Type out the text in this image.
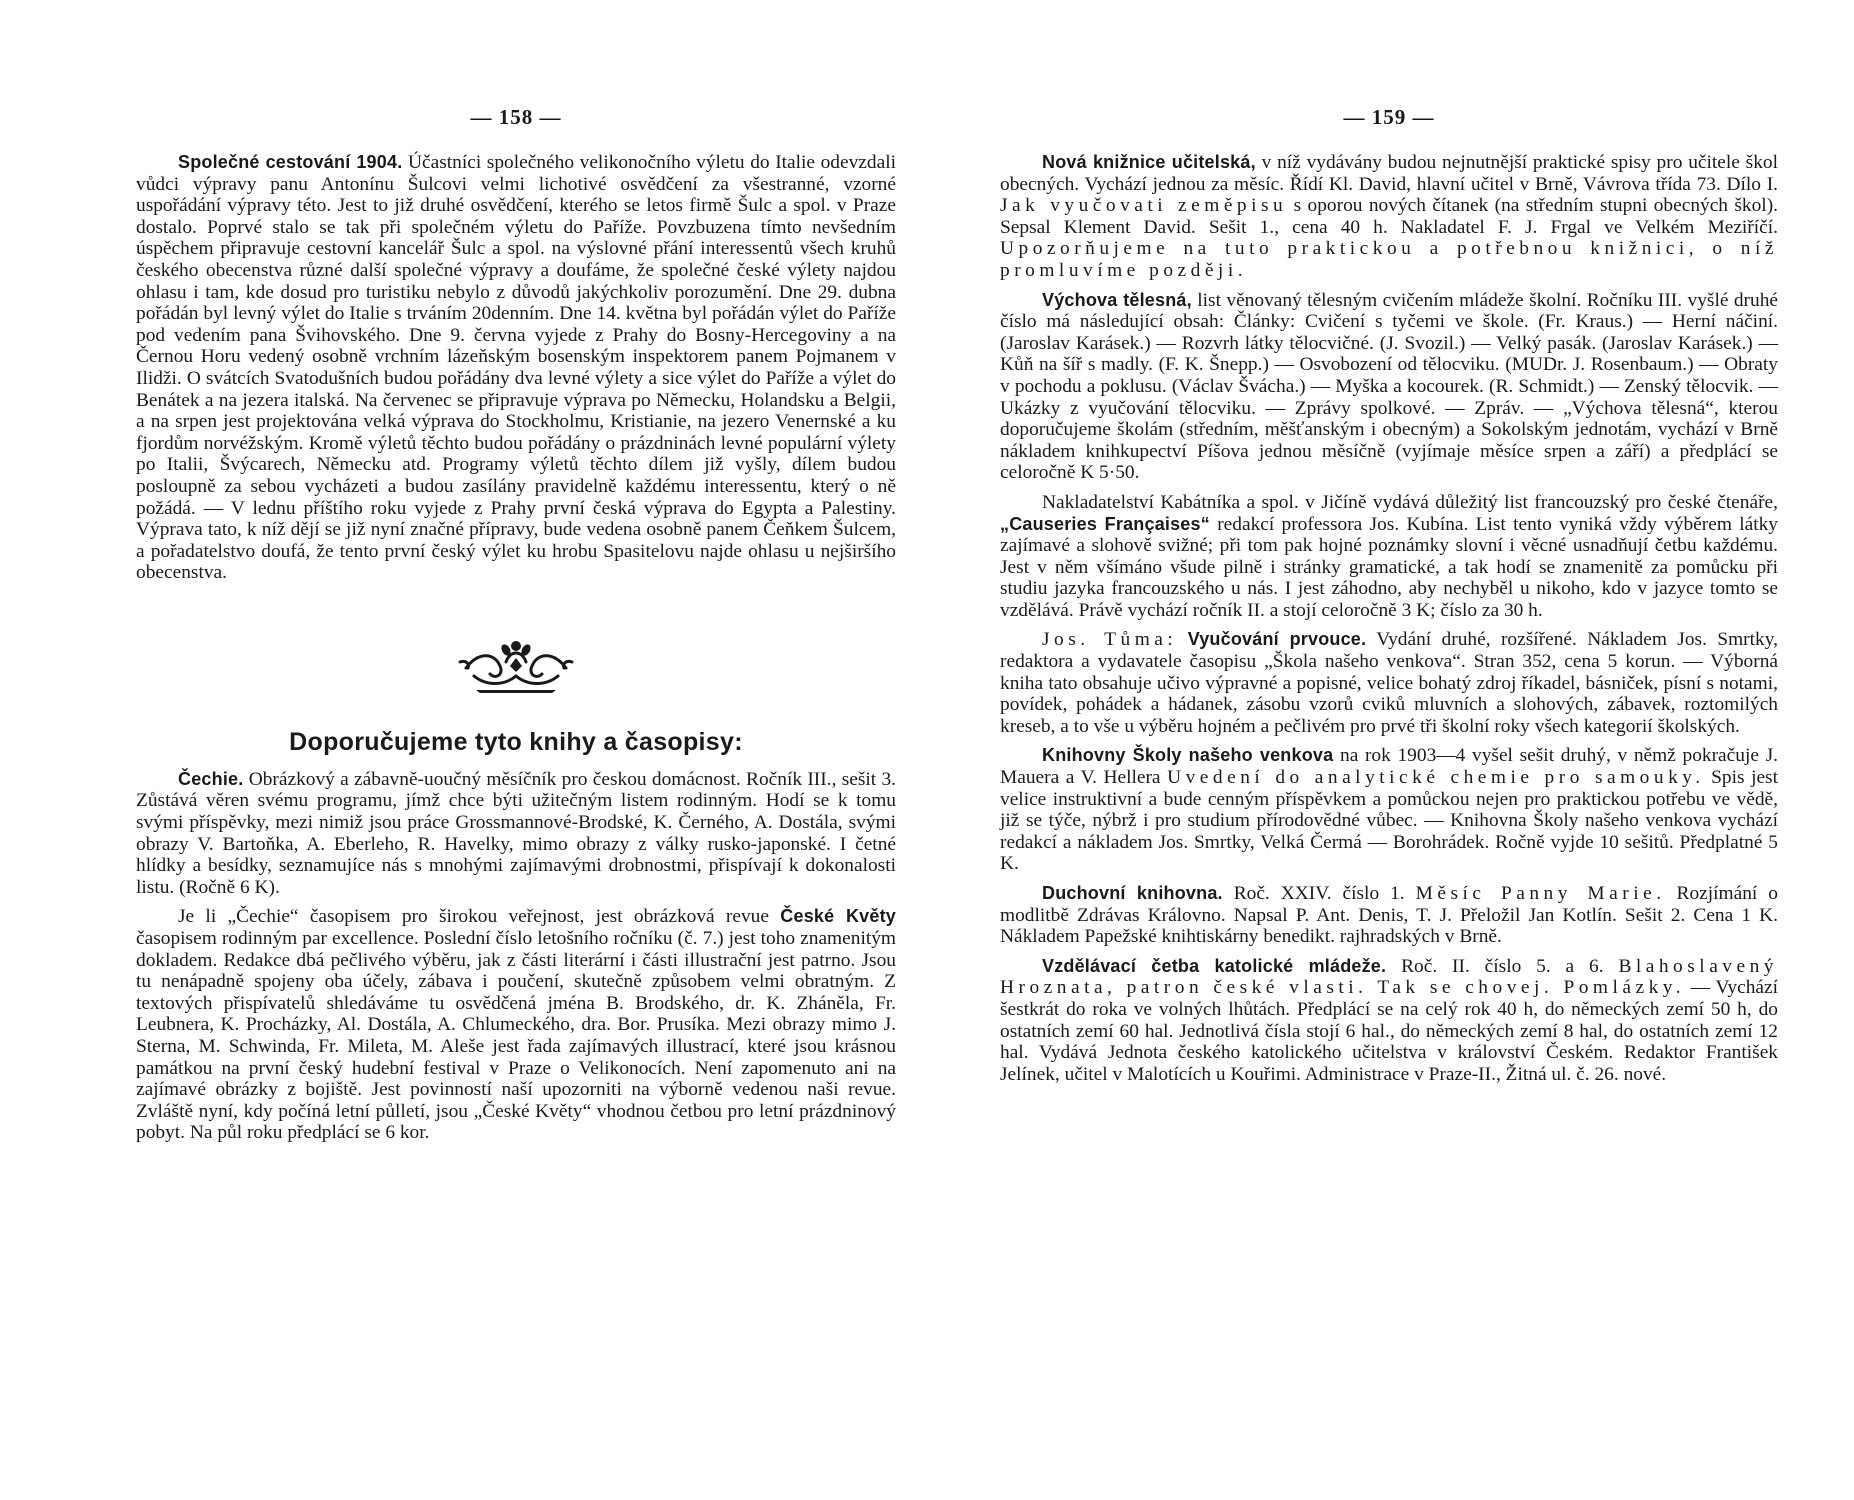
— 158 —

Společné cestování 1904. Účastníci společného velikonočního výletu do Italie odevzdali vůdci výpravy panu Antonínu Šulcovi velmi lichotivé osvědčení za všestranné, vzorné uspořádání výpravy této. Jest to již druhé osvědčení, kterého se letos firmě Šulc a spol. v Praze dostalo. Poprvé stalo se tak při společném výletu do Paříže. Povzbuzena tímto nevšedním úspěchem připravuje cestovní kancelář Šulc a spol. na výslovné přání interessentů všech kruhů českého obecenstva různé další společné výpravy a doufáme, že společné české výlety najdou ohlasu i tam, kde dosud pro turistiku nebylo z důvodů jakýchkoliv porozumění. Dne 29. dubna pořádán byl levný výlet do Italie s trváním 20denním. Dne 14. května byl pořádán výlet do Paříže pod vedením pana Švihovského. Dne 9. června vyjede z Prahy do Bosny-Hercegoviny a na Černou Horu vedený osobně vrchním lázeňským bosenským inspektorem panem Pojmanem v Ilidži. O svátcích Svatodušních budou pořádány dva levné výlety a sice výlet do Paříže a výlet do Benátek a na jezera italská. Na červenec se připravuje výprava po Německu, Holandsku a Belgii, a na srpen jest projektována velká výprava do Stockholmu, Kristianie, na jezero Venernské a ku fjordům norvéžským. Kromě výletů těchto budou pořádány o prázdninách levné populární výlety po Italii, Švýcarech, Německu atd. Programy výletů těchto dílem již vyšly, dílem budou posloupně za sebou vycházeti a budou zasílány pravidelně každému interessentu, který o ně požádá. — V lednu příštího roku vyjede z Prahy první česká výprava do Egypta a Palestiny. Výprava tato, k níž dějí se již nyní značné přípravy, bude vedena osobně panem Čeňkem Šulcem, a pořadatelstvo doufá, že tento první český výlet ku hrobu Spasitelovu najde ohlasu u nejširšího obecenstva.

Doporučujeme tyto knihy a časopisy:

Čechie. Obrázkový a zábavně-uoučný měsíčník pro českou domácnost. Ročník III., sešit 3. Zůstává věren svému programu, jímž chce býti užitečným listem rodinným. Hodí se k tomu svými příspěvky, mezi nimiž jsou práce Grossmannové-Brodské, K. Černého, A. Dostála, svými obrazy V. Bartoňka, A. Eberleho, R. Havelky, mimo obrazy z války rusko-japonské. I četné hlídky a besídky, seznamujíce nás s mnohými zajímavými drobnostmi, přispívají k dokonalosti listu. (Ročně 6 K).

Je li „Čechie“ časopisem pro širokou veřejnost, jest obrázková revue České Květy časopisem rodinným par excellence. Poslední číslo letošního ročníku (č. 7.) jest toho znamenitým dokladem. Redakce dbá pečlivého výběru, jak z části literární i části illustrační jest patrno. Jsou tu nenápadně spojeny oba účely, zábava i poučení, skutečně způsobem velmi obratným. Z textových přispívatelů shledáváme tu osvědčená jména B. Brodského, dr. K. Zháněla, Fr. Leubnera, K. Procházky, Al. Dostála, A. Chlumeckého, dra. Bor. Prusíka. Mezi obrazy mimo J. Sterna, M. Schwinda, Fr. Mileta, M. Aleše jest řada zajímavých illustrací, které jsou krásnou památkou na první český hudební festival v Praze o Velikonocích. Není zapomenuto ani na zajímavé obrázky z bojiště. Jest povinností naší upozorniti na výborně vedenou naši revue. Zvláště nyní, kdy počíná letní půlletí, jsou „České Květy“ vhodnou četbou pro letní prázdninový pobyt. Na půl roku předplácí se 6 kor.

— 159 —

Nová knižnice učitelská, v níž vydávány budou nejnutnější praktické spisy pro učitele škol obecných. Vychází jednou za měsíc. Řídí Kl. David, hlavní učitel v Brně, Vávrova třída 73. Dílo I. Jak vyučovati zeměpisu s oporou nových čítanek (na středním stupni obecných škol). Sepsal Klement David. Sešit 1., cena 40 h. Nakladatel F. J. Frgal ve Velkém Meziříčí. Upozorňujeme na tuto praktickou a potřebnou knižnici, o níž promluvíme později.

Výchova tělesná, list věnovaný tělesným cvičením mládeže školní. Ročníku III. vyšlé druhé číslo má následující obsah: Články: Cvičení s tyčemi ve škole. (Fr. Kraus.) — Herní náčiní. (Jaroslav Karásek.) — Rozvrh látky tělocvičné. (J. Svozil.) — Velký pasák. (Jaroslav Karásek.) — Kůň na šíř s madly. (F. K. Šnepp.) — Osvobození od tělocviku. (MUDr. J. Rosenbaum.) — Obraty v pochodu a poklusu. (Václav Švácha.) — Myška a kocourek. (R. Schmidt.) — Zenský tělocvik. — Ukázky z vyučování tělocviku. — Zprávy spolkové. — Zpráv. — „Výchova tělesná“, kterou doporučujeme školám (středním, měšťanským i obecným) a Sokolským jednotám, vychází v Brně nákladem knihkupectví Píšova jednou měsíčně (vyjímaje měsíce srpen a září) a předplácí se celoročně K 5·50.

Nakladatelství Kabátníka a spol. v Jičíně vydává důležitý list francouzský pro české čtenáře, „Causeries Françaises“ redakcí professora Jos. Kubína. List tento vyniká vždy výběrem látky zajímavé a slohově svižné; při tom pak hojné poznámky slovní i věcné usnadňují četbu každému. Jest v něm všímáno všude pilně i stránky gramatické, a tak hodí se znamenitě za pomůcku při studiu jazyka francouzského u nás. I jest záhodno, aby nechyběl u nikoho, kdo v jazyce tomto se vzdělává. Právě vychází ročník II. a stojí celoročně 3 K; číslo za 30 h.

Jos. Tůma: Vyučování prvouce. Vydání druhé, rozšířené. Nákladem Jos. Smrtky, redaktora a vydavatele časopisu „Škola našeho venkova“. Stran 352, cena 5 korun. — Výborná kniha tato obsahuje učivo výpravné a popisné, velice bohatý zdroj říkadel, básniček, písní s notami, povídek, pohádek a hádanek, zásobu vzorů cviků mluvních a slohových, zábavek, roztomilých kreseb, a to vše u výběru hojném a pečlivém pro prvé tři školní roky všech kategorií školských.

Knihovny Školy našeho venkova na rok 1903—4 vyšel sešit druhý, v němž pokračuje J. Mauera a V. Hellera Uvedení do analytické chemie pro samouky. Spis jest velice instruktivní a bude cenným příspěvkem a pomůckou nejen pro praktickou potřebu ve vědě, již se týče, nýbrž i pro studium přírodovědné vůbec. — Knihovna Školy našeho venkova vychází redakcí a nákladem Jos. Smrtky, Velká Čermá — Borohrádek. Ročně vyjde 10 sešitů. Předplatné 5 K.

Duchovní knihovna. Roč. XXIV. číslo 1. Měsíc Panny Marie. Rozjímání o modlitbě Zdrávas Královno. Napsal P. Ant. Denis, T. J. Přeložil Jan Kotlín. Sešit 2. Cena 1 K. Nákladem Papežské knihtiskárny benedikt. rajhradských v Brně.

Vzdělávací četba katolické mládeže. Roč. II. číslo 5. a 6. Blahoslavený Hroznata, patron české vlasti. Tak se chovej. Pomlázky. — Vychází šestkrát do roka ve volných lhůtách. Předplácí se na celý rok 40 h, do německých zemí 50 h, do ostatních zemí 60 hal. Jednotlivá čísla stojí 6 hal., do německých zemí 8 hal, do ostatních zemí 12 hal. Vydává Jednota českého katolického učitelstva v království Českém. Redaktor František Jelínek, učitel v Malotících u Kouřimi. Administrace v Praze-II., Žitná ul. č. 26. nové.
